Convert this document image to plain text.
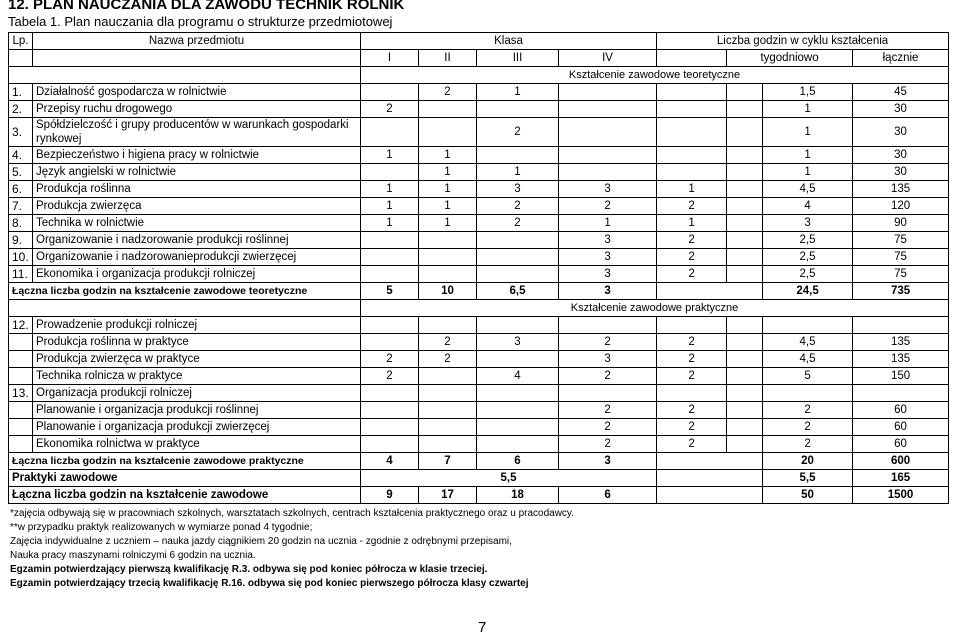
12. PLAN NAUCZANIA DLA ZAWODU TECHNIK ROLNIK
Tabela 1. Plan nauczania dla programu o strukturze przedmiotowej
Lp.	Nazwa przedmiotu	Klasa				Liczba godzin w cyklu kształcenia			
		I	II	III	IV		tygodniowo		łącznie
		Kształcenie zawodowe teoretyczne							
1.	Działalność gospodarcza w rolnictwie		2	1				1,5	45
2.	Przepisy ruchu drogowego	2						1	30
3.	Spółdzielczość i grupy producentów w warunkach gospodarki rynkowej			2				1	30
4.	Bezpieczeństwo i higiena pracy w rolnictwie	1	1					1	30
5.	Język angielski w rolnictwie		1	1				1	30
6.	Produkcja roślinna	1	1	3	3	1		4,5	135
7.	Produkcja zwierzęca	1	1	2	2	2		4	120
8.	Technika w rolnictwie	1	1	2	1	1		3	90
9.	Organizowanie i nadzorowanie produkcji roślinnej				3	2		2,5	75
10.	Organizowanie i nadzorowanieprodukcji zwierzęcej				3	2		2,5	75
11.	Ekonomika i organizacja produkcji rolniczej				3	2		2,5	75
Łączna liczba godzin na kształcenie zawodowe teoretyczne		5	10	6,5	3			24,5	735
		Kształcenie zawodowe praktyczne							
12.	Prowadzenie produkcji rolniczej								
	Produkcja roślinna w praktyce		2	3	2	2		4,5	135
	Produkcja zwierzęca w praktyce	2	2		3	2		4,5	135
	Technika rolnicza w praktyce	2		4	2	2		5	150
13.	Organizacja produkcji rolniczej								
	Planowanie i organizacja produkcji roślinnej				2	2		2	60
	Planowanie i organizacja produkcji zwierzęcej				2	2		2	60
	Ekonomika rolnictwa w praktyce				2	2		2	60
Łączna liczba godzin na kształcenie zawodowe praktyczne		4	7	6	3			20	600
Praktyki zawodowe		5,5						5,5	165
Łączna liczba godzin na kształcenie zawodowe		9	17	18	6			50	1500
*zajęcia odbywają się w pracowniach szkolnych, warsztatach szkolnych, centrach kształcenia praktycznego oraz u pracodawcy.
**w przypadku praktyk realizowanych w wymiarze ponad 4 tygodnie;
Zajęcia indywidualne z uczniem – nauka jazdy ciągnikiem 20 godzin na ucznia - zgodnie z odrębnymi przepisami,
Nauka pracy maszynami rolniczymi 6 godzin na ucznia.
Egzamin potwierdzający pierwszą kwalifikację R.3. odbywa się pod koniec półrocza w klasie trzeciej.
Egzamin potwierdzający trzecią kwalifikację R.16. odbywa się pod koniec pierwszego półrocza klasy czwartej
7
